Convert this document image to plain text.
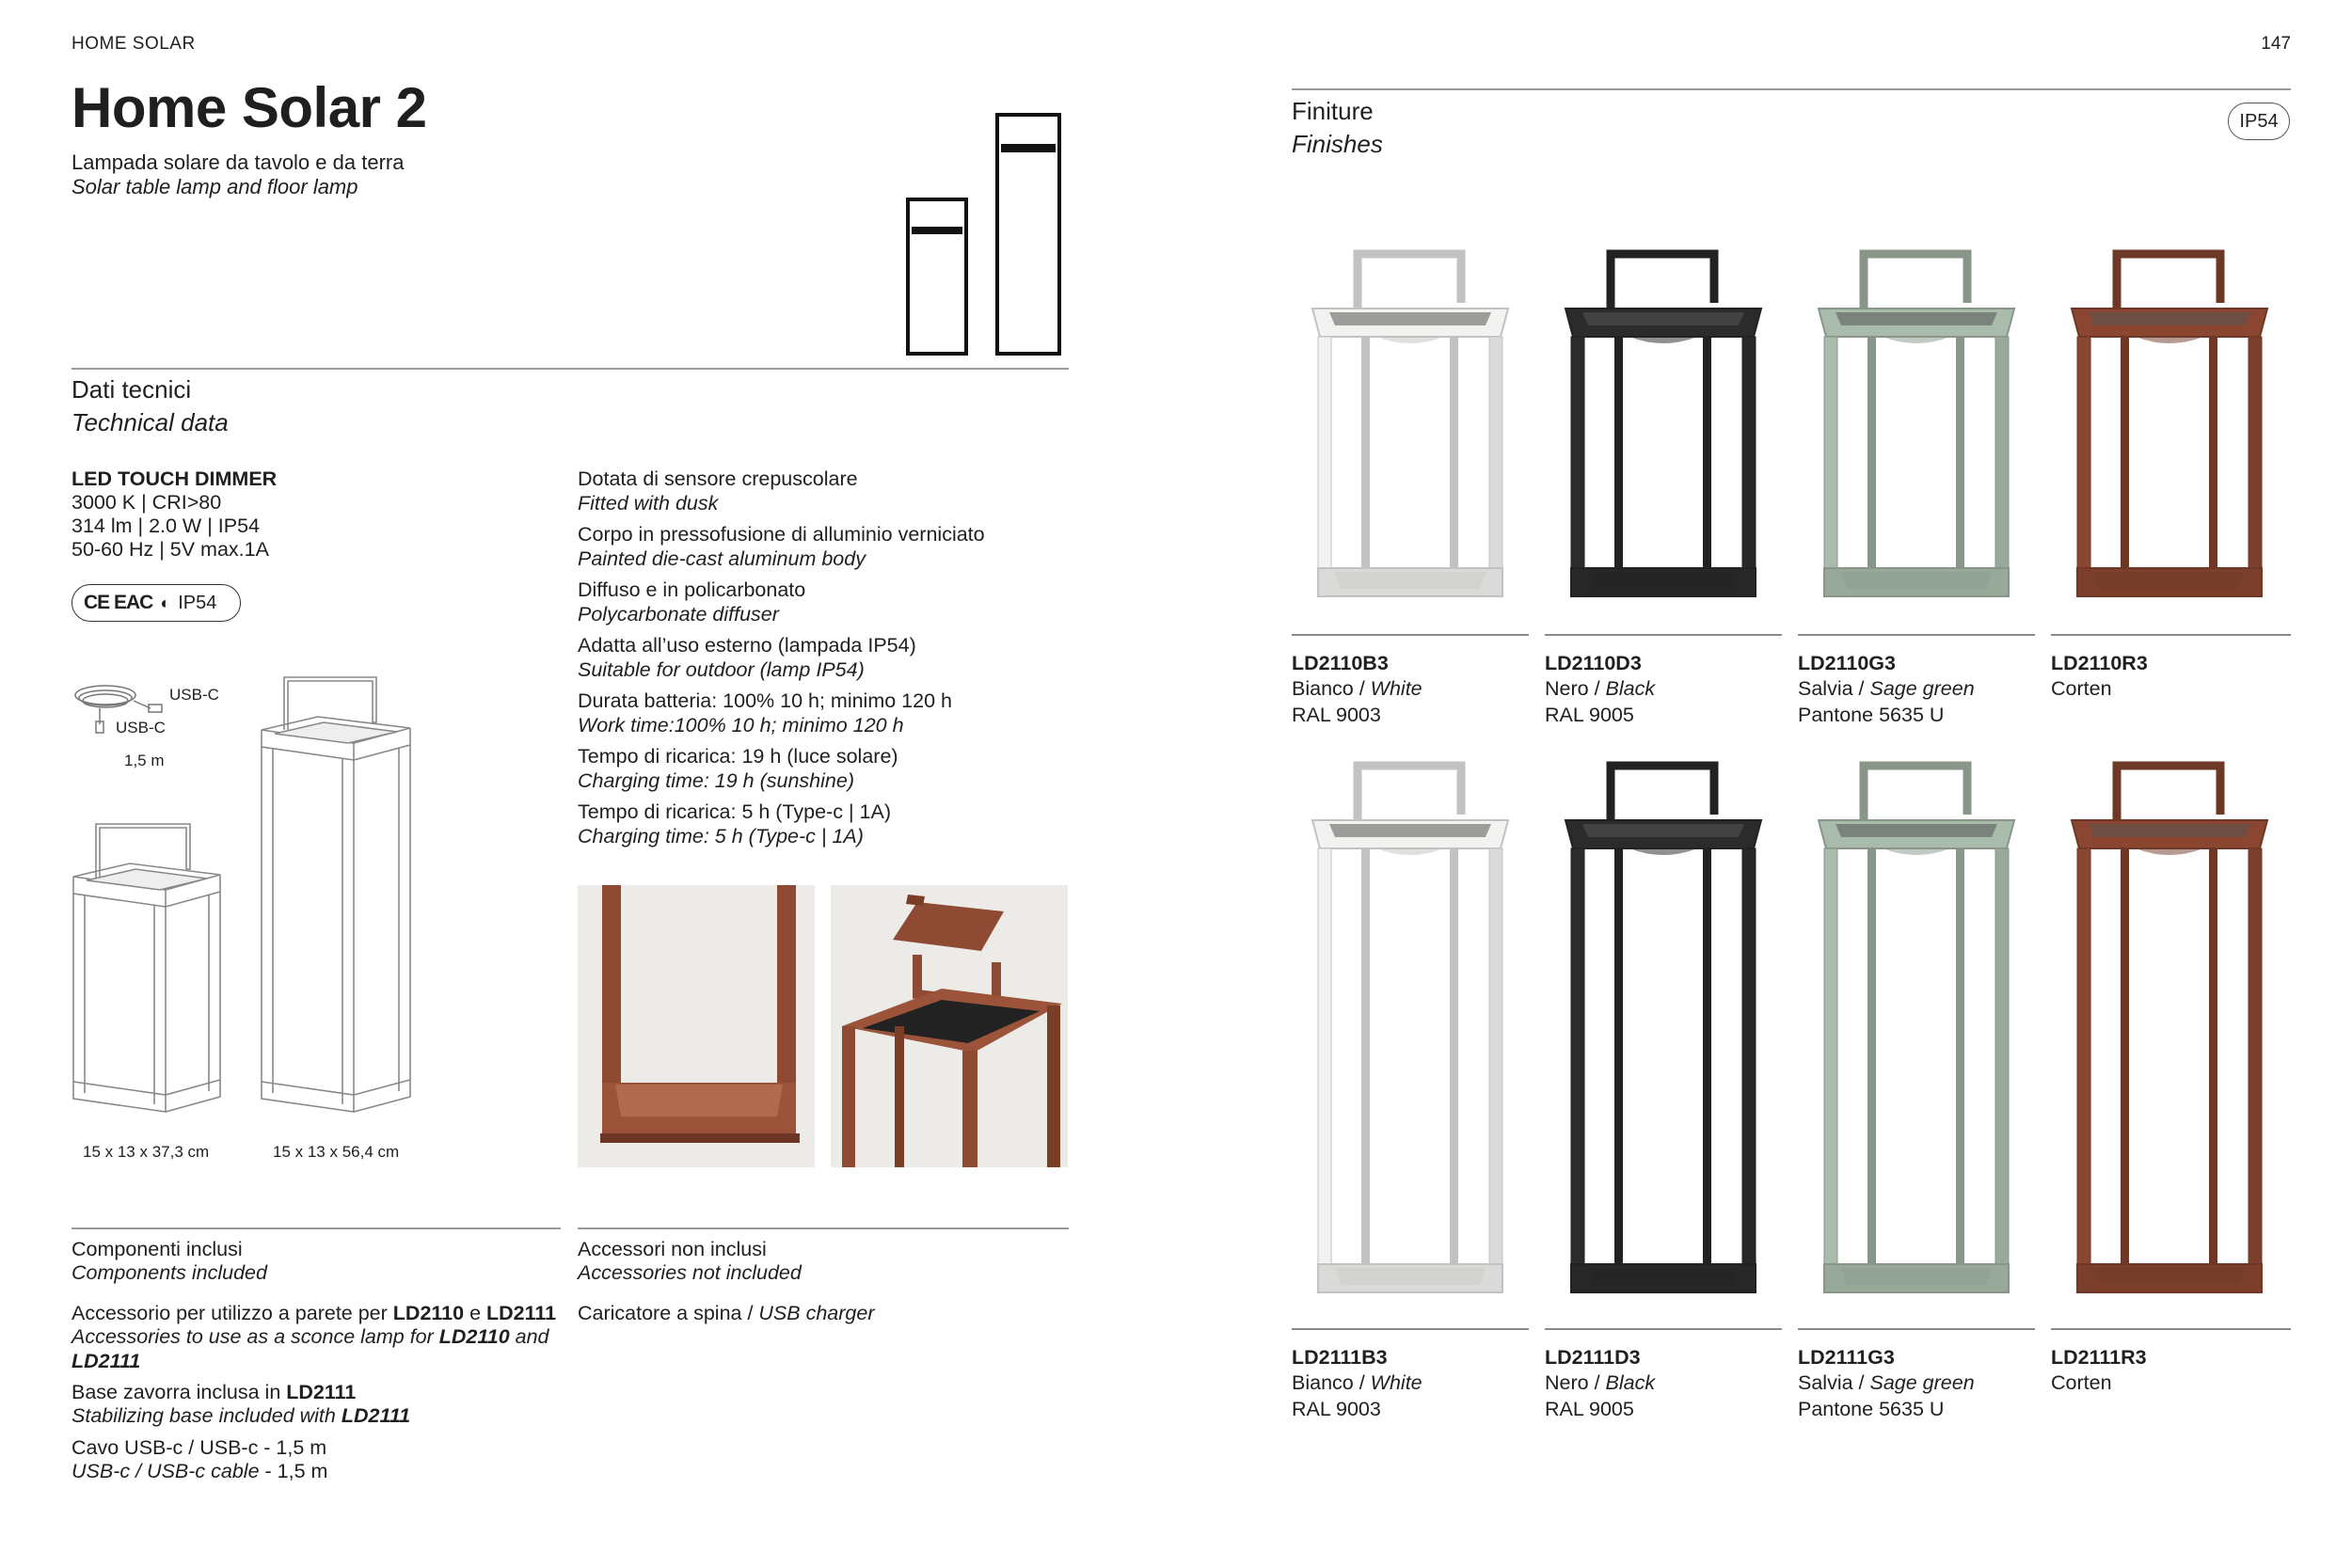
HOME SOLAR
Home Solar 2
Lampada solare da tavolo e da terra
Solar table lamp and floor lamp
Dati tecnici
Technical data
LED TOUCH DIMMER
3000 K | CRI>80
314 lm | 2.0 W | IP54
50-60 Hz | 5V max.1A
CE EAC ◐ IP54
Dotata di sensore crepuscolare
Fitted with dusk
Corpo in pressofusione di alluminio verniciato
Painted die-cast aluminum body
Diffuso e in policarbonato
Polycarbonate diffuser
Adatta all’uso esterno (lampada IP54)
Suitable for outdoor (lamp IP54)
Durata batteria: 100% 10 h; minimo 120 h
Work time:100% 10 h; minimo 120 h
Tempo di ricarica: 19 h (luce solare)
Charging time: 19 h (sunshine)
Tempo di ricarica: 5 h (Type-c | 1A)
Charging time: 5 h (Type-c | 1A)
USB-C
USB-C
1,5 m
15 x 13 x 37,3 cm	15 x 13 x 56,4 cm
Componenti inclusi
Components included
Accessorio per utilizzo a parete per LD2110 e LD2111
Accessories to use as a sconce lamp for LD2110 and
LD2111
Base zavorra inclusa in LD2111
Stabilizing base included with LD2111
Cavo USB-c / USB-c - 1,5 m
USB-c / USB-c cable - 1,5 m
Accessori non inclusi
Accessories not included
Caricatore a spina / USB charger
147
Finiture
Finishes
IP54
LD2110B3
Bianco / White
RAL 9003
LD2110D3
Nero / Black
RAL 9005
LD2110G3
Salvia / Sage green
Pantone 5635 U
LD2110R3
Corten
LD2111B3
Bianco / White
RAL 9003
LD2111D3
Nero / Black
RAL 9005
LD2111G3
Salvia / Sage green
Pantone 5635 U
LD2111R3
Corten
